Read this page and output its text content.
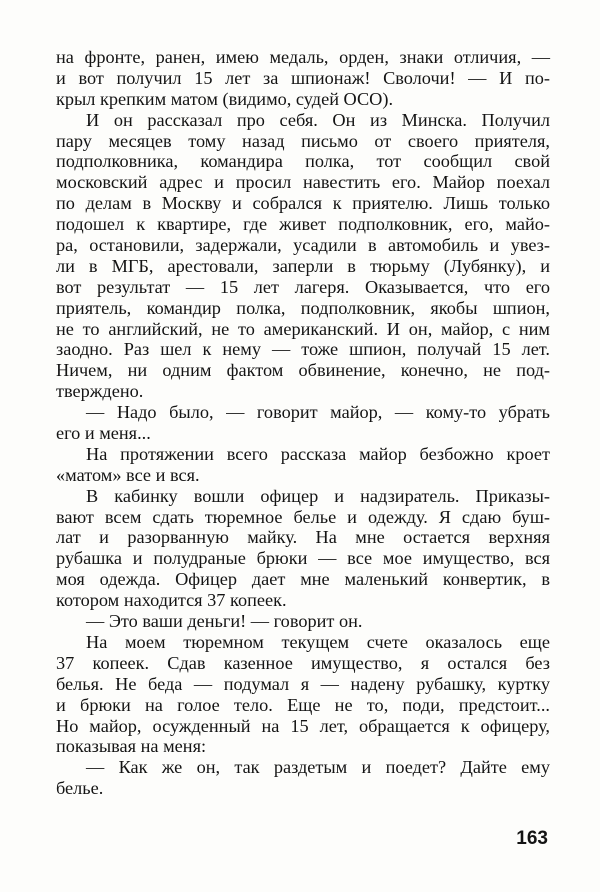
на фронте, ранен, имею медаль, орден, знаки отличия, —
и вот получил 15 лет за шпионаж! Сволочи! — И по-
крыл крепким матом (видимо, судей ОСО).
И он рассказал про себя. Он из Минска. Получил
пару месяцев тому назад письмо от своего приятеля,
подполковника, командира полка, тот сообщил свой
московский адрес и просил навестить его. Майор поехал
по делам в Москву и собрался к приятелю. Лишь только
подошел к квартире, где живет подполковник, его, майо-
ра, остановили, задержали, усадили в автомобиль и увез-
ли в МГБ, арестовали, заперли в тюрьму (Лубянку), и
вот результат — 15 лет лагеря. Оказывается, что его
приятель, командир полка, подполковник, якобы шпион,
не то английский, не то американский. И он, майор, с ним
заодно. Раз шел к нему — тоже шпион, получай 15 лет.
Ничем, ни одним фактом обвинение, конечно, не под-
тверждено.
— Надо было, — говорит майор, — кому-то убрать
его и меня...
На протяжении всего рассказа майор безбожно кроет
«матом» все и вся.
В кабинку вошли офицер и надзиратель. Приказы-
вают всем сдать тюремное белье и одежду. Я сдаю буш-
лат и разорванную майку. На мне остается верхняя
рубашка и полудраные брюки — все мое имущество, вся
моя одежда. Офицер дает мне маленький конвертик, в
котором находится 37 копеек.
— Это ваши деньги! — говорит он.
На моем тюремном текущем счете оказалось еще
37 копеек. Сдав казенное имущество, я остался без
белья. Не беда — подумал я — надену рубашку, куртку
и брюки на голое тело. Еще не то, поди, предстоит...
Но майор, осужденный на 15 лет, обращается к офицеру,
показывая на меня:
— Как же он, так раздетым и поедет? Дайте ему
белье.
163
